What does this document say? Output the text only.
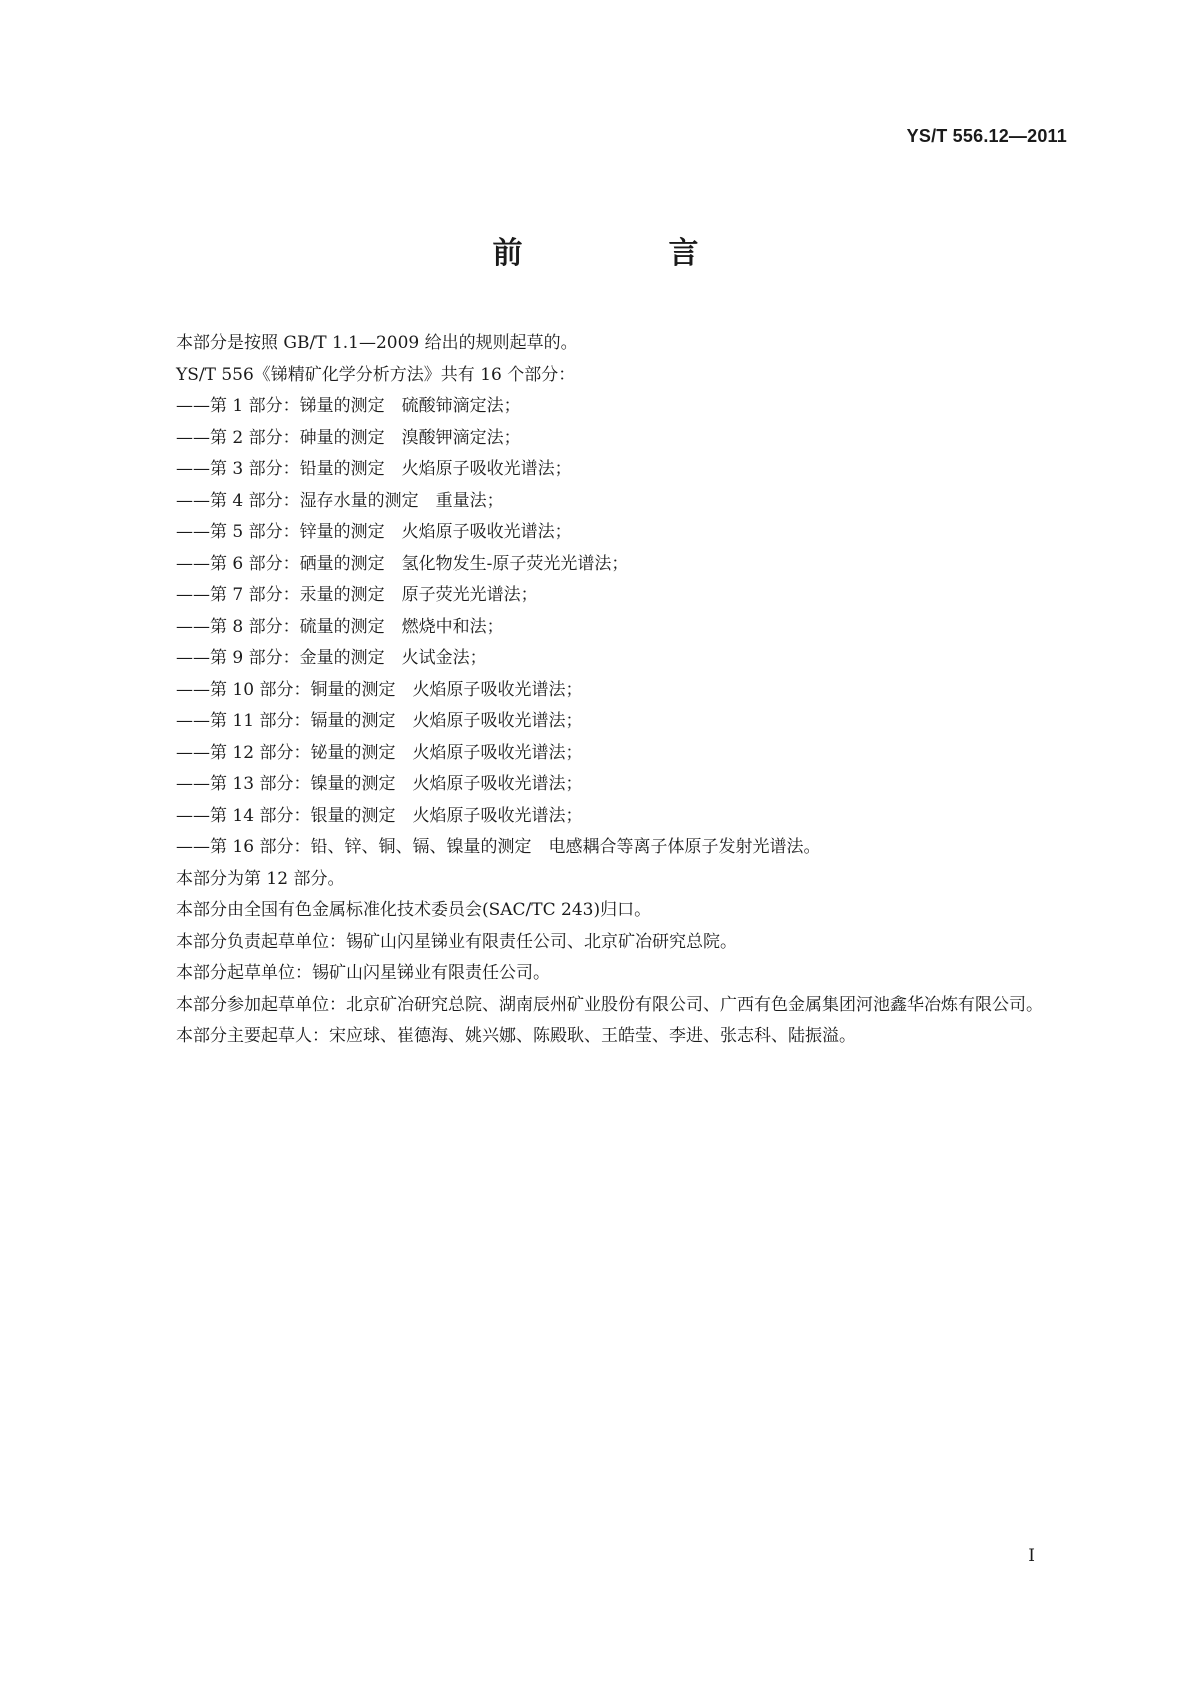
YS/T 556.12—2011
前　言

本部分是按照 GB/T 1.1—2009 给出的规则起草的。

YS/T 556《锑精矿化学分析方法》共有 16 个部分：

——第 1 部分：锑量的测定　硫酸铈滴定法；

——第 2 部分：砷量的测定　溴酸钾滴定法；

——第 3 部分：铅量的测定　火焰原子吸收光谱法；

——第 4 部分：湿存水量的测定　重量法；

——第 5 部分：锌量的测定　火焰原子吸收光谱法；

——第 6 部分：硒量的测定　氢化物发生-原子荧光光谱法；

——第 7 部分：汞量的测定　原子荧光光谱法；

——第 8 部分：硫量的测定　燃烧中和法；

——第 9 部分：金量的测定　火试金法；

——第 10 部分：铜量的测定　火焰原子吸收光谱法；

——第 11 部分：镉量的测定　火焰原子吸收光谱法；

——第 12 部分：铋量的测定　火焰原子吸收光谱法；

——第 13 部分：镍量的测定　火焰原子吸收光谱法；

——第 14 部分：银量的测定　火焰原子吸收光谱法；

——第 16 部分：铅、锌、铜、镉、镍量的测定　电感耦合等离子体原子发射光谱法。

本部分为第 12 部分。

本部分由全国有色金属标准化技术委员会(SAC/TC 243)归口。

本部分负责起草单位：锡矿山闪星锑业有限责任公司、北京矿冶研究总院。

本部分起草单位：锡矿山闪星锑业有限责任公司。

本部分参加起草单位：北京矿冶研究总院、湖南辰州矿业股份有限公司、广西有色金属集团河池鑫华冶炼有限公司。

本部分主要起草人：宋应球、崔德海、姚兴娜、陈殿耿、王皓莹、李进、张志科、陆振溢。

I
